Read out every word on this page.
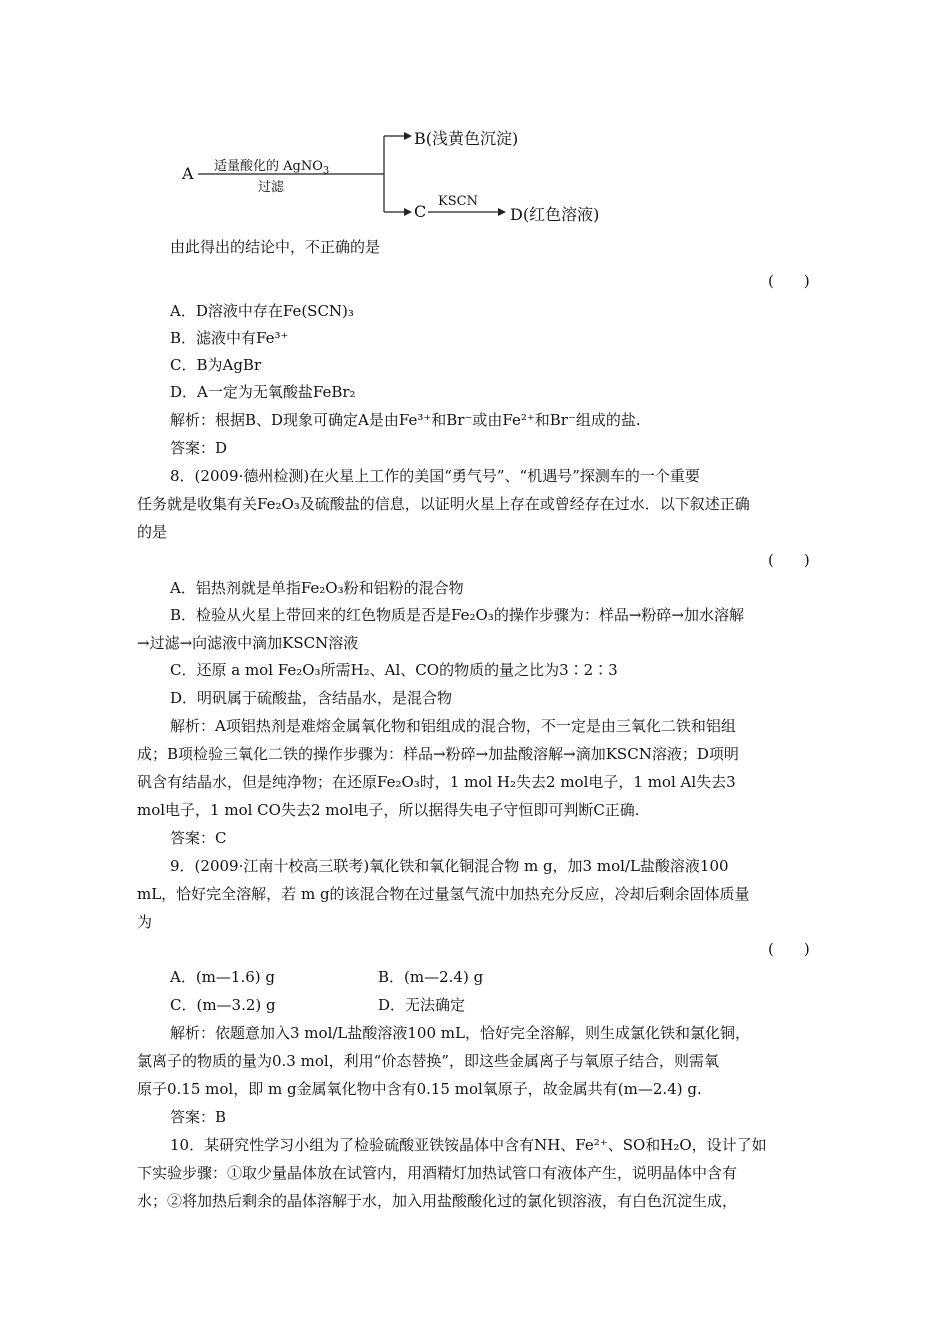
A 适量酸化的 AgNO$_3$
过滤
B(浅黄色沉淀)
C
KSCN
D(红色溶液)
由此得出的结论中，不正确的是
(　　)
A．D溶液中存在Fe(SCN)₃
B．滤液中有Fe³⁺
C．B为AgBr
D．A一定为无氧酸盐FeBr₂
解析：根据B、D现象可确定A是由Fe³⁺和Br⁻或由Fe²⁺和Br⁻组成的盐.
答案：D
8．(2009·德州检测)在火星上工作的美国“勇气号”、“机遇号”探测车的一个重要
任务就是收集有关Fe₂O₃及硫酸盐的信息，以证明火星上存在或曾经存在过水．以下叙述正确
的是
(　　)
A．铝热剂就是单指Fe₂O₃粉和铝粉的混合物
B．检验从火星上带回来的红色物质是否是Fe₂O₃的操作步骤为：样品→粉碎→加水溶解
→过滤→向滤液中滴加KSCN溶液
C．还原 a mol Fe₂O₃所需H₂、Al、CO的物质的量之比为3∶2∶3
D．明矾属于硫酸盐，含结晶水，是混合物
解析：A项铝热剂是难熔金属氧化物和铝组成的混合物，不一定是由三氧化二铁和铝组
成；B项检验三氧化二铁的操作步骤为：样品→粉碎→加盐酸溶解→滴加KSCN溶液；D项明
矾含有结晶水，但是纯净物；在还原Fe₂O₃时，1 mol H₂失去2 mol电子，1 mol Al失去3
mol电子，1 mol CO失去2 mol电子，所以据得失电子守恒即可判断C正确.
答案：C
9．(2009·江南十校高三联考)氧化铁和氧化铜混合物 m g，加3 mol/L盐酸溶液100
mL，恰好完全溶解，若 m g的该混合物在过量氢气流中加热充分反应，冷却后剩余固体质量
为
(　　)
A．(m—1.6) g	B．(m—2.4) g
C．(m—3.2) g	D．无法确定
解析：依题意加入3 mol/L盐酸溶液100 mL，恰好完全溶解，则生成氯化铁和氯化铜，
氯离子的物质的量为0.3 mol，利用“价态替换”，即这些金属离子与氧原子结合，则需氧
原子0.15 mol，即 m g金属氧化物中含有0.15 mol氧原子，故金属共有(m—2.4) g.
答案：B
10．某研究性学习小组为了检验硫酸亚铁铵晶体中含有NH、Fe²⁺、SO和H₂O，设计了如
下实验步骤：①取少量晶体放在试管内，用酒精灯加热试管口有液体产生，说明晶体中含有
水；②将加热后剩余的晶体溶解于水，加入用盐酸酸化过的氯化钡溶液，有白色沉淀生成，
